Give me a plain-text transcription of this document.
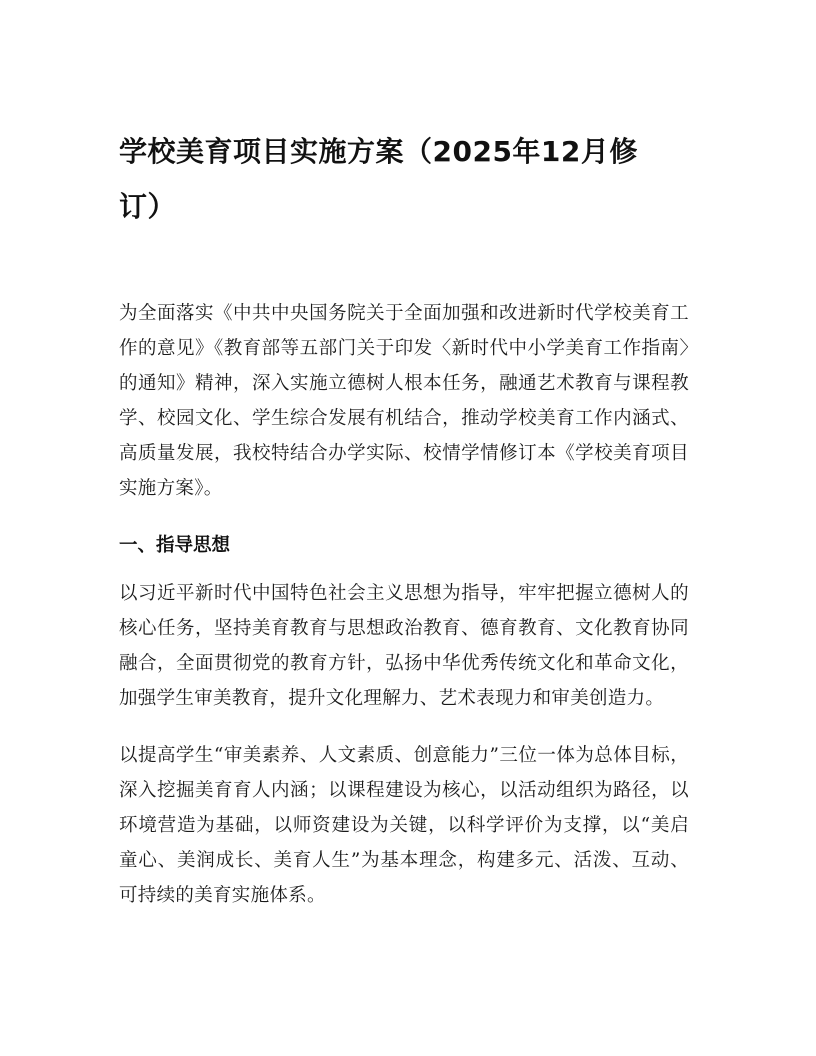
学校美育项目实施方案（2025年12月修订）

为全面落实《中共中央国务院关于全面加强和改进新时代学校美育工作的意见》《教育部等五部门关于印发〈新时代中小学美育工作指南〉的通知》精神，深入实施立德树人根本任务，融通艺术教育与课程教学、校园文化、学生综合发展有机结合，推动学校美育工作内涵式、高质量发展，我校特结合办学实际、校情学情修订本《学校美育项目实施方案》。

一、指导思想

以习近平新时代中国特色社会主义思想为指导，牢牢把握立德树人的核心任务，坚持美育教育与思想政治教育、德育教育、文化教育协同融合，全面贯彻党的教育方针，弘扬中华优秀传统文化和革命文化，加强学生审美教育，提升文化理解力、艺术表现力和审美创造力。

以提高学生“审美素养、人文素质、创意能力”三位一体为总体目标，深入挖掘美育育人内涵；以课程建设为核心，以活动组织为路径，以环境营造为基础，以师资建设为关键，以科学评价为支撑，以“美启童心、美润成长、美育人生”为基本理念，构建多元、活泼、互动、可持续的美育实施体系。
